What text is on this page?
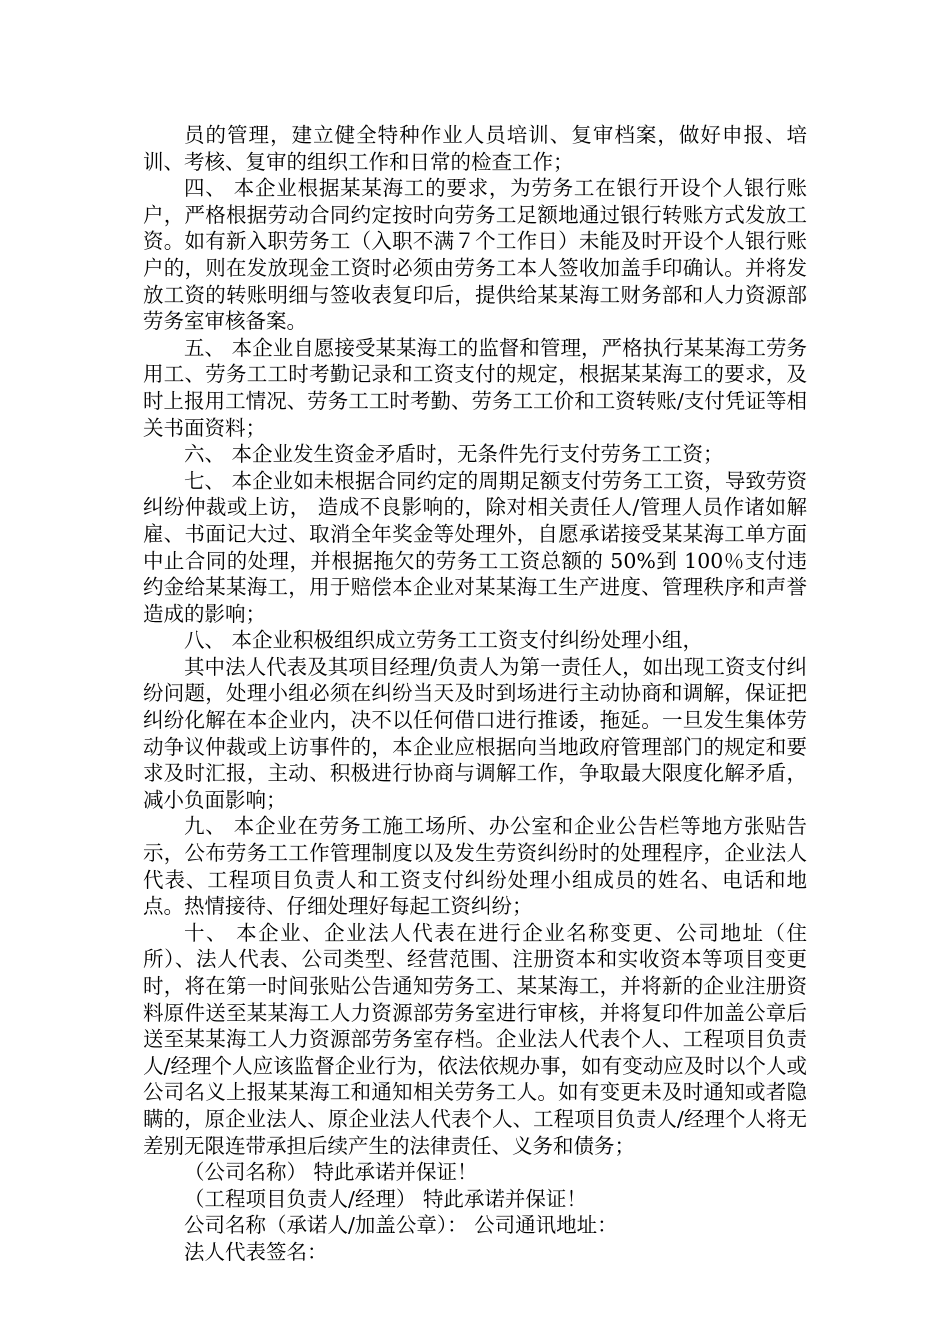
员的管理，建立健全特种作业人员培训、复审档案，做好申报、培训、考核、复审的组织工作和日常的检查工作；

四、 本企业根据某某海工的要求，为劳务工在银行开设个人银行账户，严格根据劳动合同约定按时向劳务工足额地通过银行转账方式发放工资。如有新入职劳务工（入职不满７个工作日）未能及时开设个人银行账户的，则在发放现金工资时必须由劳务工本人签收加盖手印确认。并将发放工资的转账明细与签收表复印后，提供给某某海工财务部和人力资源部劳务室审核备案。

五、 本企业自愿接受某某海工的监督和管理，严格执行某某海工劳务用工、劳务工工时考勤记录和工资支付的规定，根据某某海工的要求，及时上报用工情况、劳务工工时考勤、劳务工工价和工资转账/支付凭证等相关书面资料；

六、 本企业发生资金矛盾时，无条件先行支付劳务工工资；

七、 本企业如未根据合同约定的周期足额支付劳务工工资，导致劳资纠纷仲裁或上访， 造成不良影响的，除对相关责任人/管理人员作诸如解雇、书面记大过、取消全年奖金等处理外，自愿承诺接受某某海工单方面中止合同的处理，并根据拖欠的劳务工工资总额的 50%到 100％支付违约金给某某海工，用于赔偿本企业对某某海工生产进度、管理秩序和声誉造成的影响；

八、 本企业积极组织成立劳务工工资支付纠纷处理小组，

其中法人代表及其项目经理/负责人为第一责任人，如出现工资支付纠纷问题，处理小组必须在纠纷当天及时到场进行主动协商和调解，保证把纠纷化解在本企业内，决不以任何借口进行推诿，拖延。一旦发生集体劳动争议仲裁或上访事件的，本企业应根据向当地政府管理部门的规定和要求及时汇报，主动、积极进行协商与调解工作，争取最大限度化解矛盾，减小负面影响；

九、 本企业在劳务工施工场所、办公室和企业公告栏等地方张贴告示，公布劳务工工作管理制度以及发生劳资纠纷时的处理程序，企业法人代表、工程项目负责人和工资支付纠纷处理小组成员的姓名、电话和地点。热情接待、仔细处理好每起工资纠纷；

十、 本企业、企业法人代表在进行企业名称变更、公司地址（住所）、法人代表、公司类型、经营范围、注册资本和实收资本等项目变更时，将在第一时间张贴公告通知劳务工、某某海工，并将新的企业注册资料原件送至某某海工人力资源部劳务室进行审核，并将复印件加盖公章后送至某某海工人力资源部劳务室存档。企业法人代表个人、工程项目负责人/经理个人应该监督企业行为，依法依规办事，如有变动应及时以个人或公司名义上报某某海工和通知相关劳务工人。如有变更未及时通知或者隐瞒的，原企业法人、原企业法人代表个人、工程项目负责人/经理个人将无差别无限连带承担后续产生的法律责任、义务和债务；

（公司名称） 特此承诺并保证！

（工程项目负责人/经理） 特此承诺并保证！

公司名称（承诺人/加盖公章）： 公司通讯地址：

法人代表签名：
